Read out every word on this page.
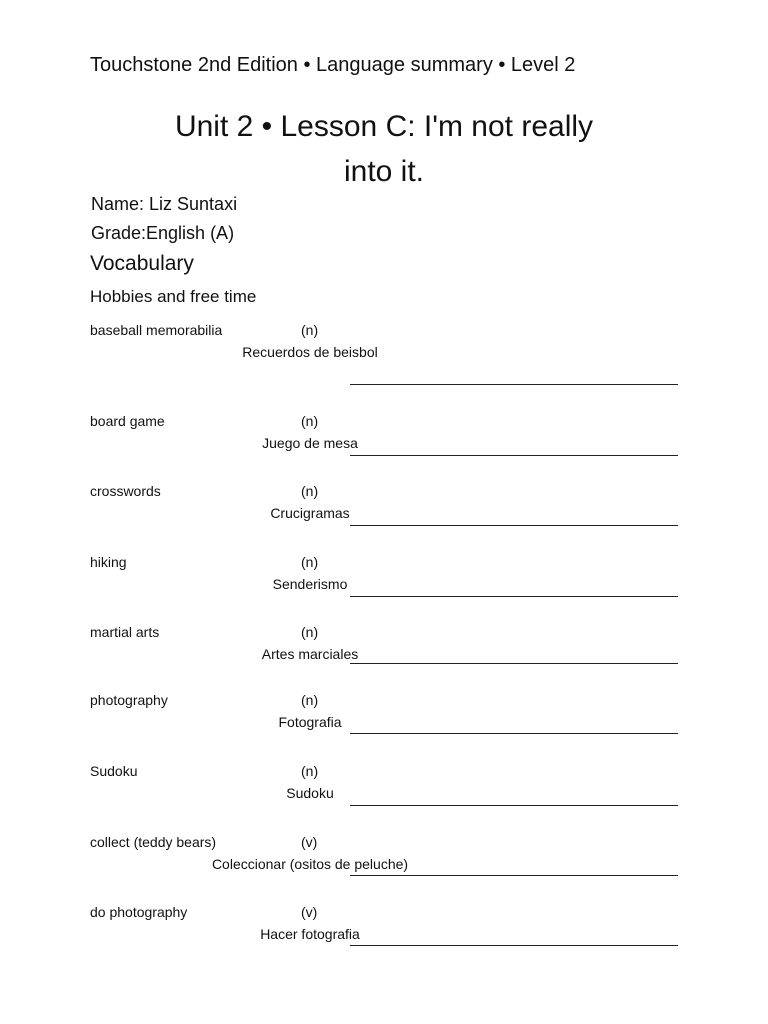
Touchstone 2nd Edition • Language summary • Level 2
Unit 2 • Lesson C: I'm not really
into it.
Name: Liz Suntaxi
Grade:English (A)
Vocabulary
Hobbies and free time
baseball memorabilia	(n)
Recuerdos de beisbol
board game	(n)
Juego de mesa
crosswords	(n)
Crucigramas
hiking	(n)
Senderismo
martial arts	(n)
Artes marciales
photography	(n)
Fotografia
Sudoku	(n)
Sudoku
collect (teddy bears)	(v)
Coleccionar (ositos de peluche)
do photography	(v)
Hacer fotografia
